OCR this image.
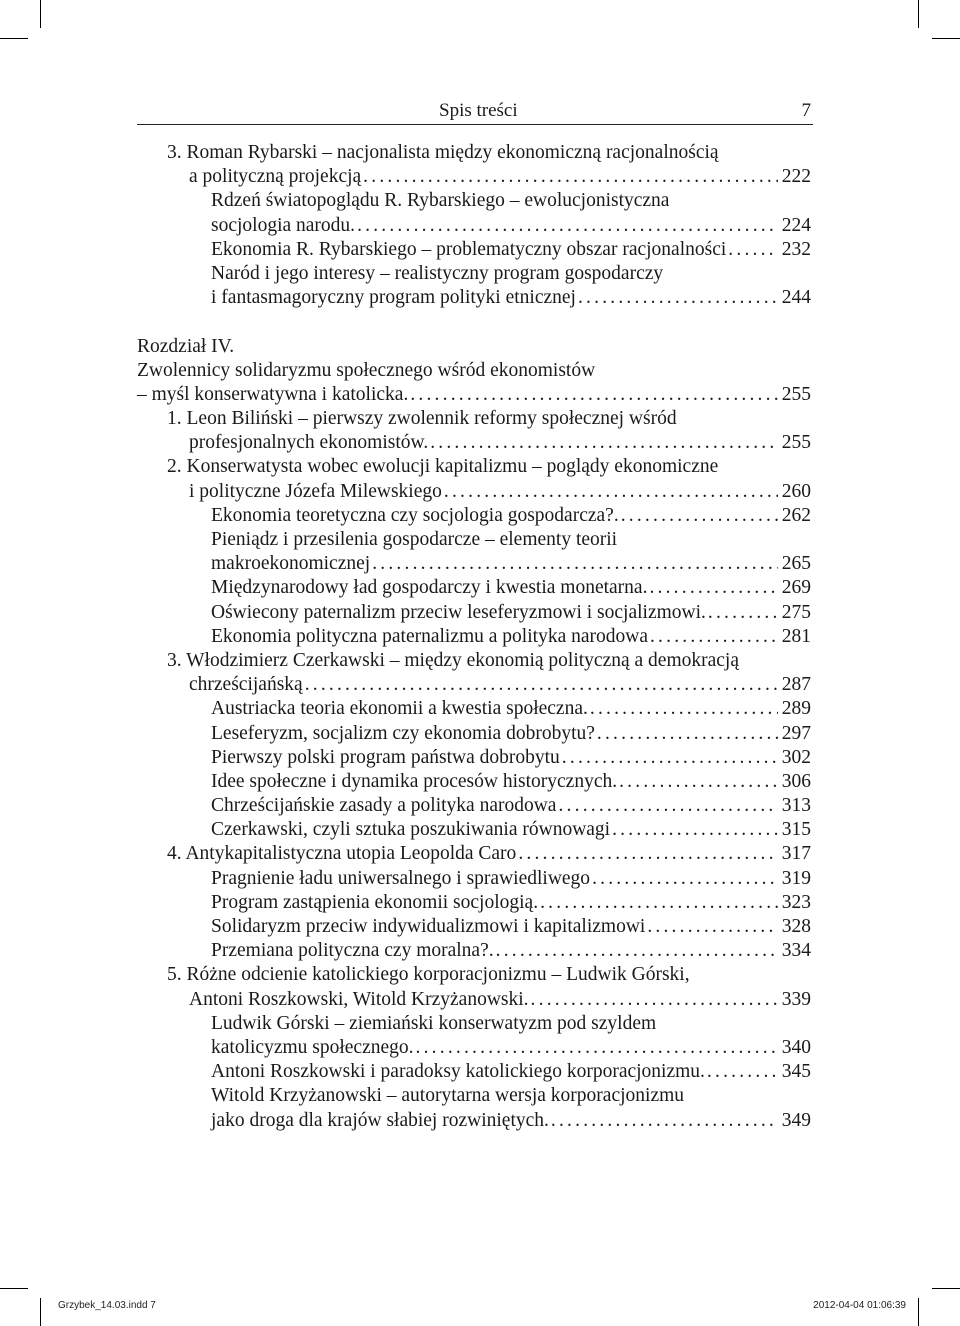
Spis treści	7
3. Roman Rybarski – nacjonalista między ekonomiczną racjonalnością
a polityczną projekcją .....	222
Rdzeń światopoglądu R. Rybarskiego – ewolucjonistyczna
socjologia narodu. .....	224
Ekonomia R. Rybarskiego – problematyczny obszar racjonalności .....	232
Naród i jego interesy – realistyczny program gospodarczy
i fantasmagoryczny program polityki etnicznej .....	244
Rozdział IV.
Zwolennicy solidaryzmu społecznego wśród ekonomistów
– myśl konserwatywna i katolicka. .....	255
1. Leon Biliński – pierwszy zwolennik reformy społecznej wśród
profesjonalnych ekonomistów. .....	255
2. Konserwatysta wobec ewolucji kapitalizmu – poglądy ekonomiczne
i polityczne Józefa Milewskiego .....	260
Ekonomia teoretyczna czy socjologia gospodarcza?. .....	262
Pieniądz i przesilenia gospodarcze – elementy teorii
makroekonomicznej .....	265
Międzynarodowy ład gospodarczy i kwestia monetarna. .....	269
Oświecony paternalizm przeciw leseferyzmowi i socjalizmowi. .....	275
Ekonomia polityczna paternalizmu a polityka narodowa .....	281
3. Włodzimierz Czerkawski – między ekonomią polityczną a demokracją
chrześcijańską .....	287
Austriacka teoria ekonomii a kwestia społeczna. .....	289
Leseferyzm, socjalizm czy ekonomia dobrobytu? .....	297
Pierwszy polski program państwa dobrobytu .....	302
Idee społeczne i dynamika procesów historycznych. .....	306
Chrześcijańskie zasady a polityka narodowa .....	313
Czerkawski, czyli sztuka poszukiwania równowagi .....	315
4. Antykapitalistyczna utopia Leopolda Caro .....	317
Pragnienie ładu uniwersalnego i sprawiedliwego .....	319
Program zastąpienia ekonomii socjologią. .....	323
Solidaryzm przeciw indywidualizmowi i kapitalizmowi .....	328
Przemiana polityczna czy moralna?. .....	334
5. Różne odcienie katolickiego korporacjonizmu – Ludwik Górski,
Antoni Roszkowski, Witold Krzyżanowski. .....	339
Ludwik Górski – ziemiański konserwatyzm pod szyldem
katolicyzmu społecznego. .....	340
Antoni Roszkowski i paradoksy katolickiego korporacjonizmu. .....	345
Witold Krzyżanowski – autorytarna wersja korporacjonizmu
jako droga dla krajów słabiej rozwiniętych. .....	349
Grzybek_14.03.indd 7	2012-04-04 01:06:39
